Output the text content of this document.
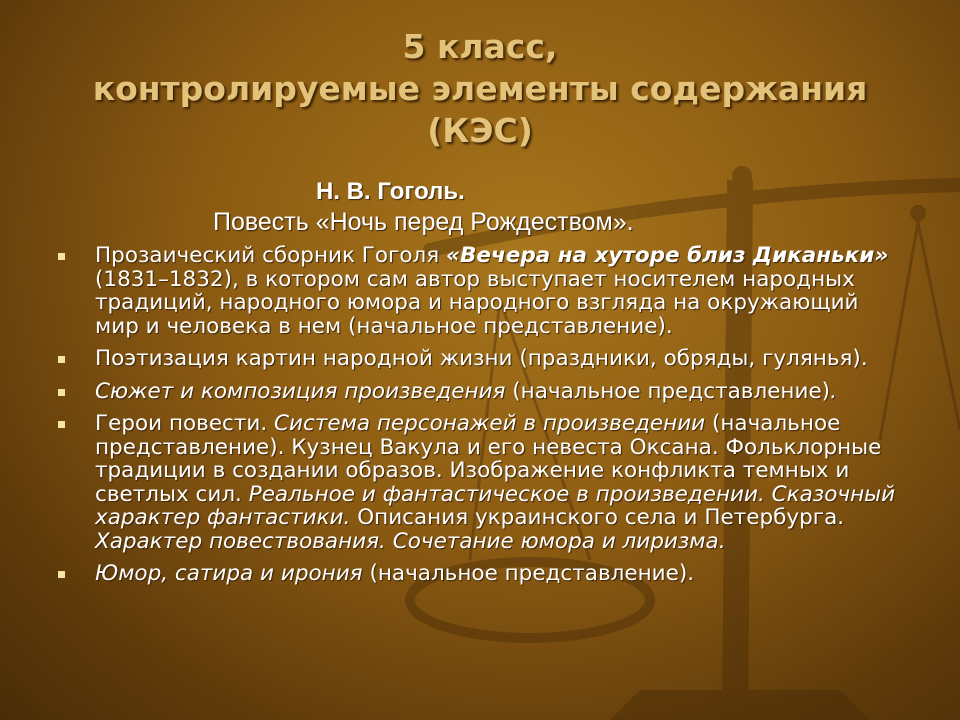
5 класс,
контролируемые элементы содержания
(КЭС)
Н. В. Гоголь.
Повесть «Ночь перед Рождеством».
Прозаический сборник Гоголя «Вечера на хуторе близ Диканьки» (1831–1832), в котором сам автор выступает носителем народных традиций, народного юмора и народного взгляда на окружающий мир и человека в нем (начальное представление).
Поэтизация картин народной жизни (праздники, обряды, гулянья).
Сюжет и композиция произведения (начальное представление).
Герои повести. Система персонажей в произведении (начальное представление). Кузнец Вакула и его невеста Оксана. Фольклорные традиции в создании образов. Изображение конфликта темных и светлых сил. Реальное и фантастическое в произведении. Сказочный характер фантастики. Описания украинского села и Петербурга. Характер повествования. Сочетание юмора и лиризма.
Юмор, сатира и ирония (начальное представление).
